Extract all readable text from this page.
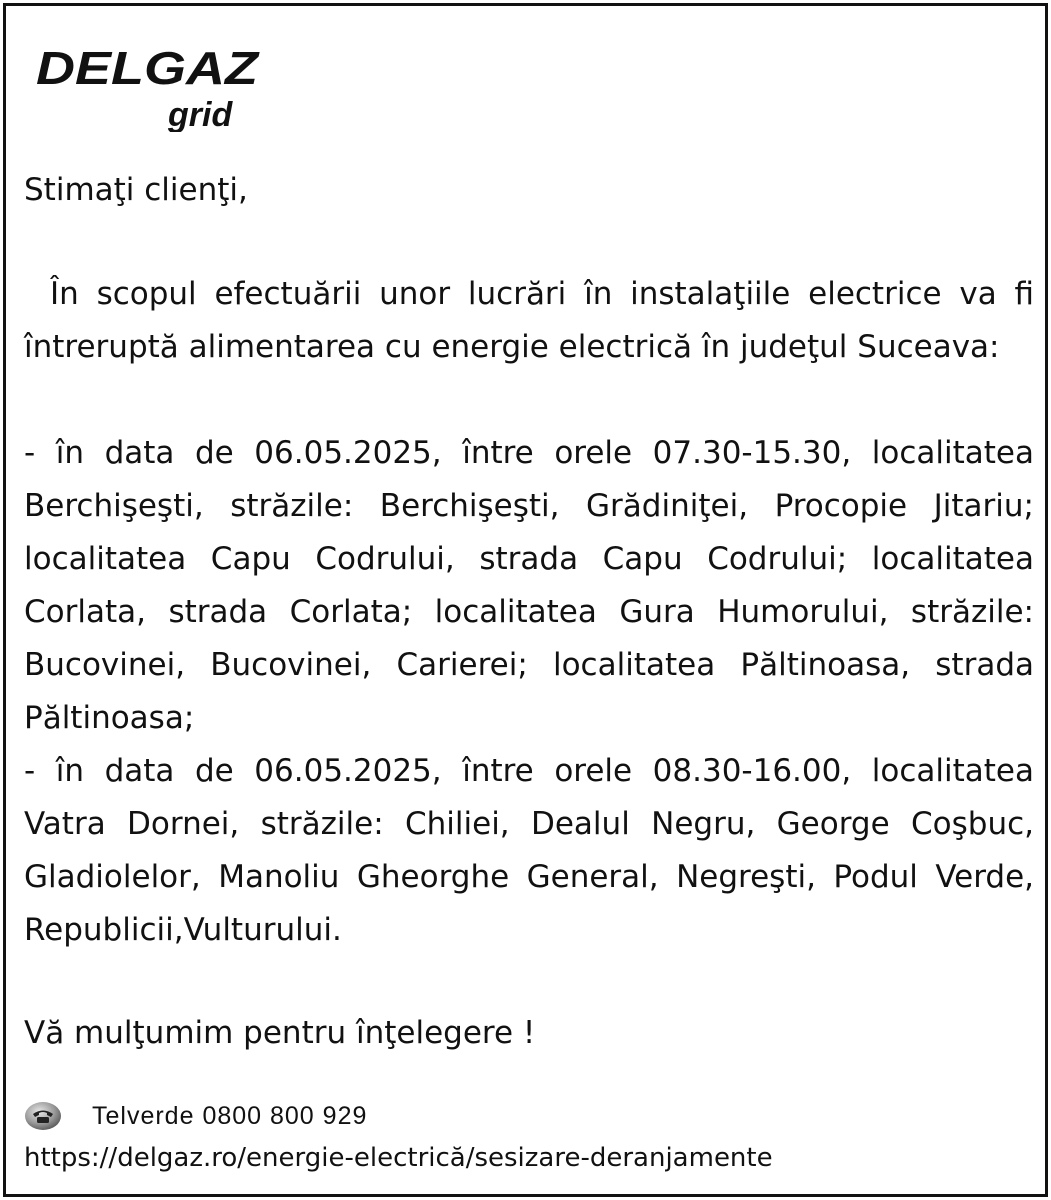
DELGAZ
grid

Stimaţi clienţi,

În scopul efectuării unor lucrări în instalaţiile electrice va fi întreruptă alimentarea cu energie electrică în judeţul Suceava:

- în data de 06.05.2025, între orele 07.30-15.30, localitatea Berchişeşti, străzile: Berchişeşti, Grădiniţei, Procopie Jitariu; localitatea Capu Codrului, strada Capu Codrului; localitatea Corlata, strada Corlata; localitatea Gura Humorului, străzile: Bucovinei, Bucovinei, Carierei; localitatea Păltinoasa, strada Păltinoasa;

- în data de 06.05.2025, între orele 08.30-16.00, localitatea Vatra Dornei, străzile: Chiliei, Dealul Negru, George Coşbuc, Gladiolelor, Manoliu Gheorghe General, Negreşti, Podul Verde, Republicii,Vulturului.

Vă mulţumim pentru înţelegere !

Telverde 0800 800 929
https://delgaz.ro/energie-electrică/sesizare-deranjamente
